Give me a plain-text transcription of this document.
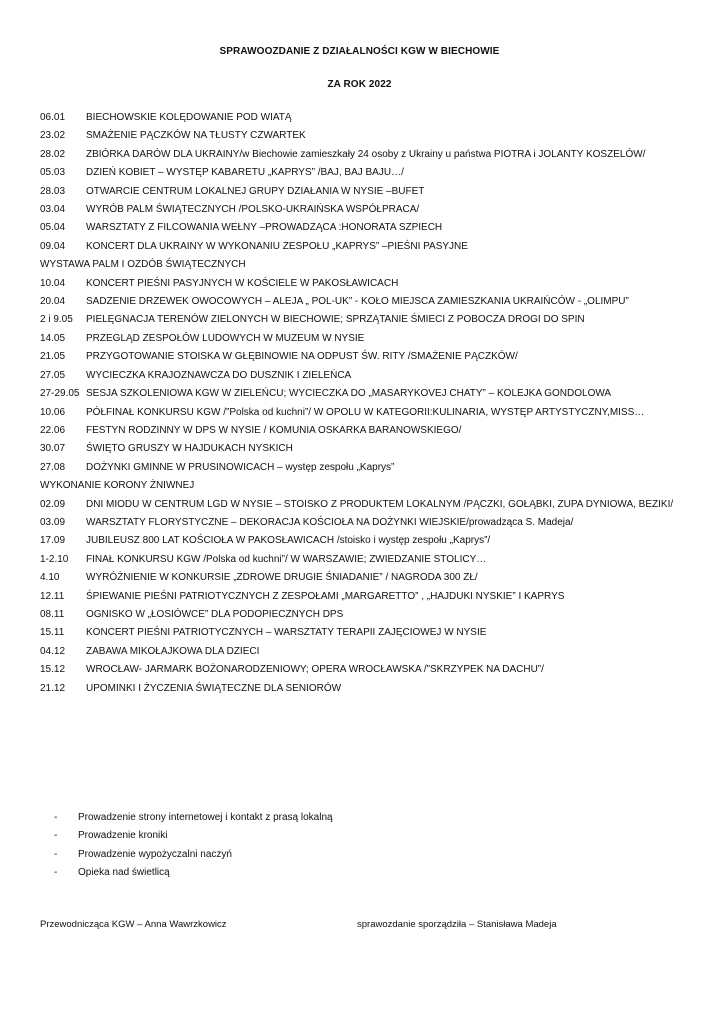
SPRAWOOZDANIE Z DZIAŁALNOŚCI KGW W BIECHOWIE
ZA ROK 2022

06.01 BIECHOWSKIE KOLĘDOWANIE POD WIATĄ

23.02 SMAŻENIE PĄCZKÓW NA TŁUSTY CZWARTEK

28.02 ZBIÓRKA DARÓW DLA UKRAINY/w Biechowie zamieszkały 24 osoby z Ukrainy u państwa PIOTRA i JOLANTY KOSZELÓW/

05.03 DZIEŃ KOBIET – WYSTĘP KABARETU „KAPRYS” /BAJ, BAJ BAJU…/

28.03 OTWARCIE CENTRUM LOKALNEJ GRUPY DZIAŁANIA W NYSIE –BUFET

03.04 WYRÓB PALM ŚWIĄTECZNYCH /POLSKO-UKRAIŃSKA WSPÓŁPRACA/

05.04 WARSZTATY Z FILCOWANIA WEŁNY –PROWADZĄCA :HONORATA SZPIECH

09.04 KONCERT DLA UKRAINY W WYKONANIU ZESPOŁU „KAPRYS” –PIEŚNI PASYJNE

WYSTAWA PALM I OZDÓB ŚWIĄTECZNYCH

10.04 KONCERT PIEŚNI PASYJNYCH W KOŚCIELE W PAKOSŁAWICACH

20.04 SADZENIE DRZEWEK OWOCOWYCH – ALEJA „ POL-UK” - KOŁO MIEJSCA ZAMIESZKANIA UKRAIŃCÓW - „OLIMPU”

2 i 9.05 PIELĘGNACJA TERENÓW ZIELONYCH W BIECHOWIE; SPRZĄTANIE ŚMIECI Z POBOCZA DROGI DO SPIN

14.05 PRZEGLĄD ZESPOŁÓW LUDOWYCH W MUZEUM W NYSIE

21.05 PRZYGOTOWANIE STOISKA W GŁĘBINOWIE NA ODPUST ŚW. RITY /SMAŻENIE PĄCZKÓW/

27.05 WYCIECZKA KRAJOZNAWCZA DO DUSZNIK I ZIELEŃCA

27-29.05 SESJA SZKOLENIOWA KGW W ZIELEŃCU; WYCIECZKA DO „MASARYKOVEJ CHATY” – KOLEJKA GONDOLOWA

10.06 PÓŁFINAŁ KONKURSU KGW /”Polska od kuchni”/ W OPOLU W KATEGORII:KULINARIA, WYSTĘP ARTYSTYCZNY,MISS…

22.06 FESTYN RODZINNY W DPS W NYSIE / KOMUNIA OSKARKA BARANOWSKIEGO/

30.07 ŚWIĘTO GRUSZY W HAJDUKACH NYSKICH

27.08 DOŻYNKI GMINNE W PRUSINOWICACH – występ zespołu „Kaprys”

WYKONANIE KORONY ŻNIWNEJ

02.09 DNI MIODU W CENTRUM LGD W NYSIE – STOISKO Z PRODUKTEM LOKALNYM /PĄCZKI, GOŁĄBKI, ZUPA DYNIOWA, BEZIKI/

03.09 WARSZTATY FLORYSTYCZNE – DEKORACJA KOŚCIOŁA NA DOŻYNKI WIEJSKIE/prowadząca S. Madeja/

17.09 JUBILEUSZ 800 LAT KOŚCIOŁA W PAKOSŁAWICACH /stoisko i występ zespołu „Kaprys”/

1-2.10 FINAŁ KONKURSU KGW /Polska od kuchni”/ W WARSZAWIE; ZWIEDZANIE STOLICY…

4.10	WYRÓŻNIENIE W KONKURSIE „ZDROWE DRUGIE ŚNIADANIE” / NAGRODA 300 ZŁ/

12.11 ŚPIEWANIE PIEŚNI PATRIOTYCZNYCH Z ZESPOŁAMI „MARGARETTO” , „HAJDUKI NYSKIE” I KAPRYS

08.11 OGNISKO W „ŁOSIÓWCE” DLA PODOPIECZNYCH DPS

15.11 KONCERT PIEŚNI PATRIOTYCZNYCH – WARSZTATY TERAPII ZAJĘCIOWEJ W NYSIE

04.12 ZABAWA MIKOŁAJKOWA DLA DZIECI

15.12 WROCŁAW- JARMARK BOŻONARODZENIOWY; OPERA WROCŁAWSKA /”SKRZYPEK NA DACHU”/

21.12 UPOMINKI I ŻYCZENIA ŚWIĄTECZNE DLA SENIORÓW

- Prowadzenie strony internetowej i kontakt z prasą lokalną
- Prowadzenie kroniki
- Prowadzenie wypożyczalni naczyń
- Opieka nad świetlicą
Przewodnicząca KGW – Anna Wawrzkowicz	sprawozdanie sporządziła – Stanisława Madeja
